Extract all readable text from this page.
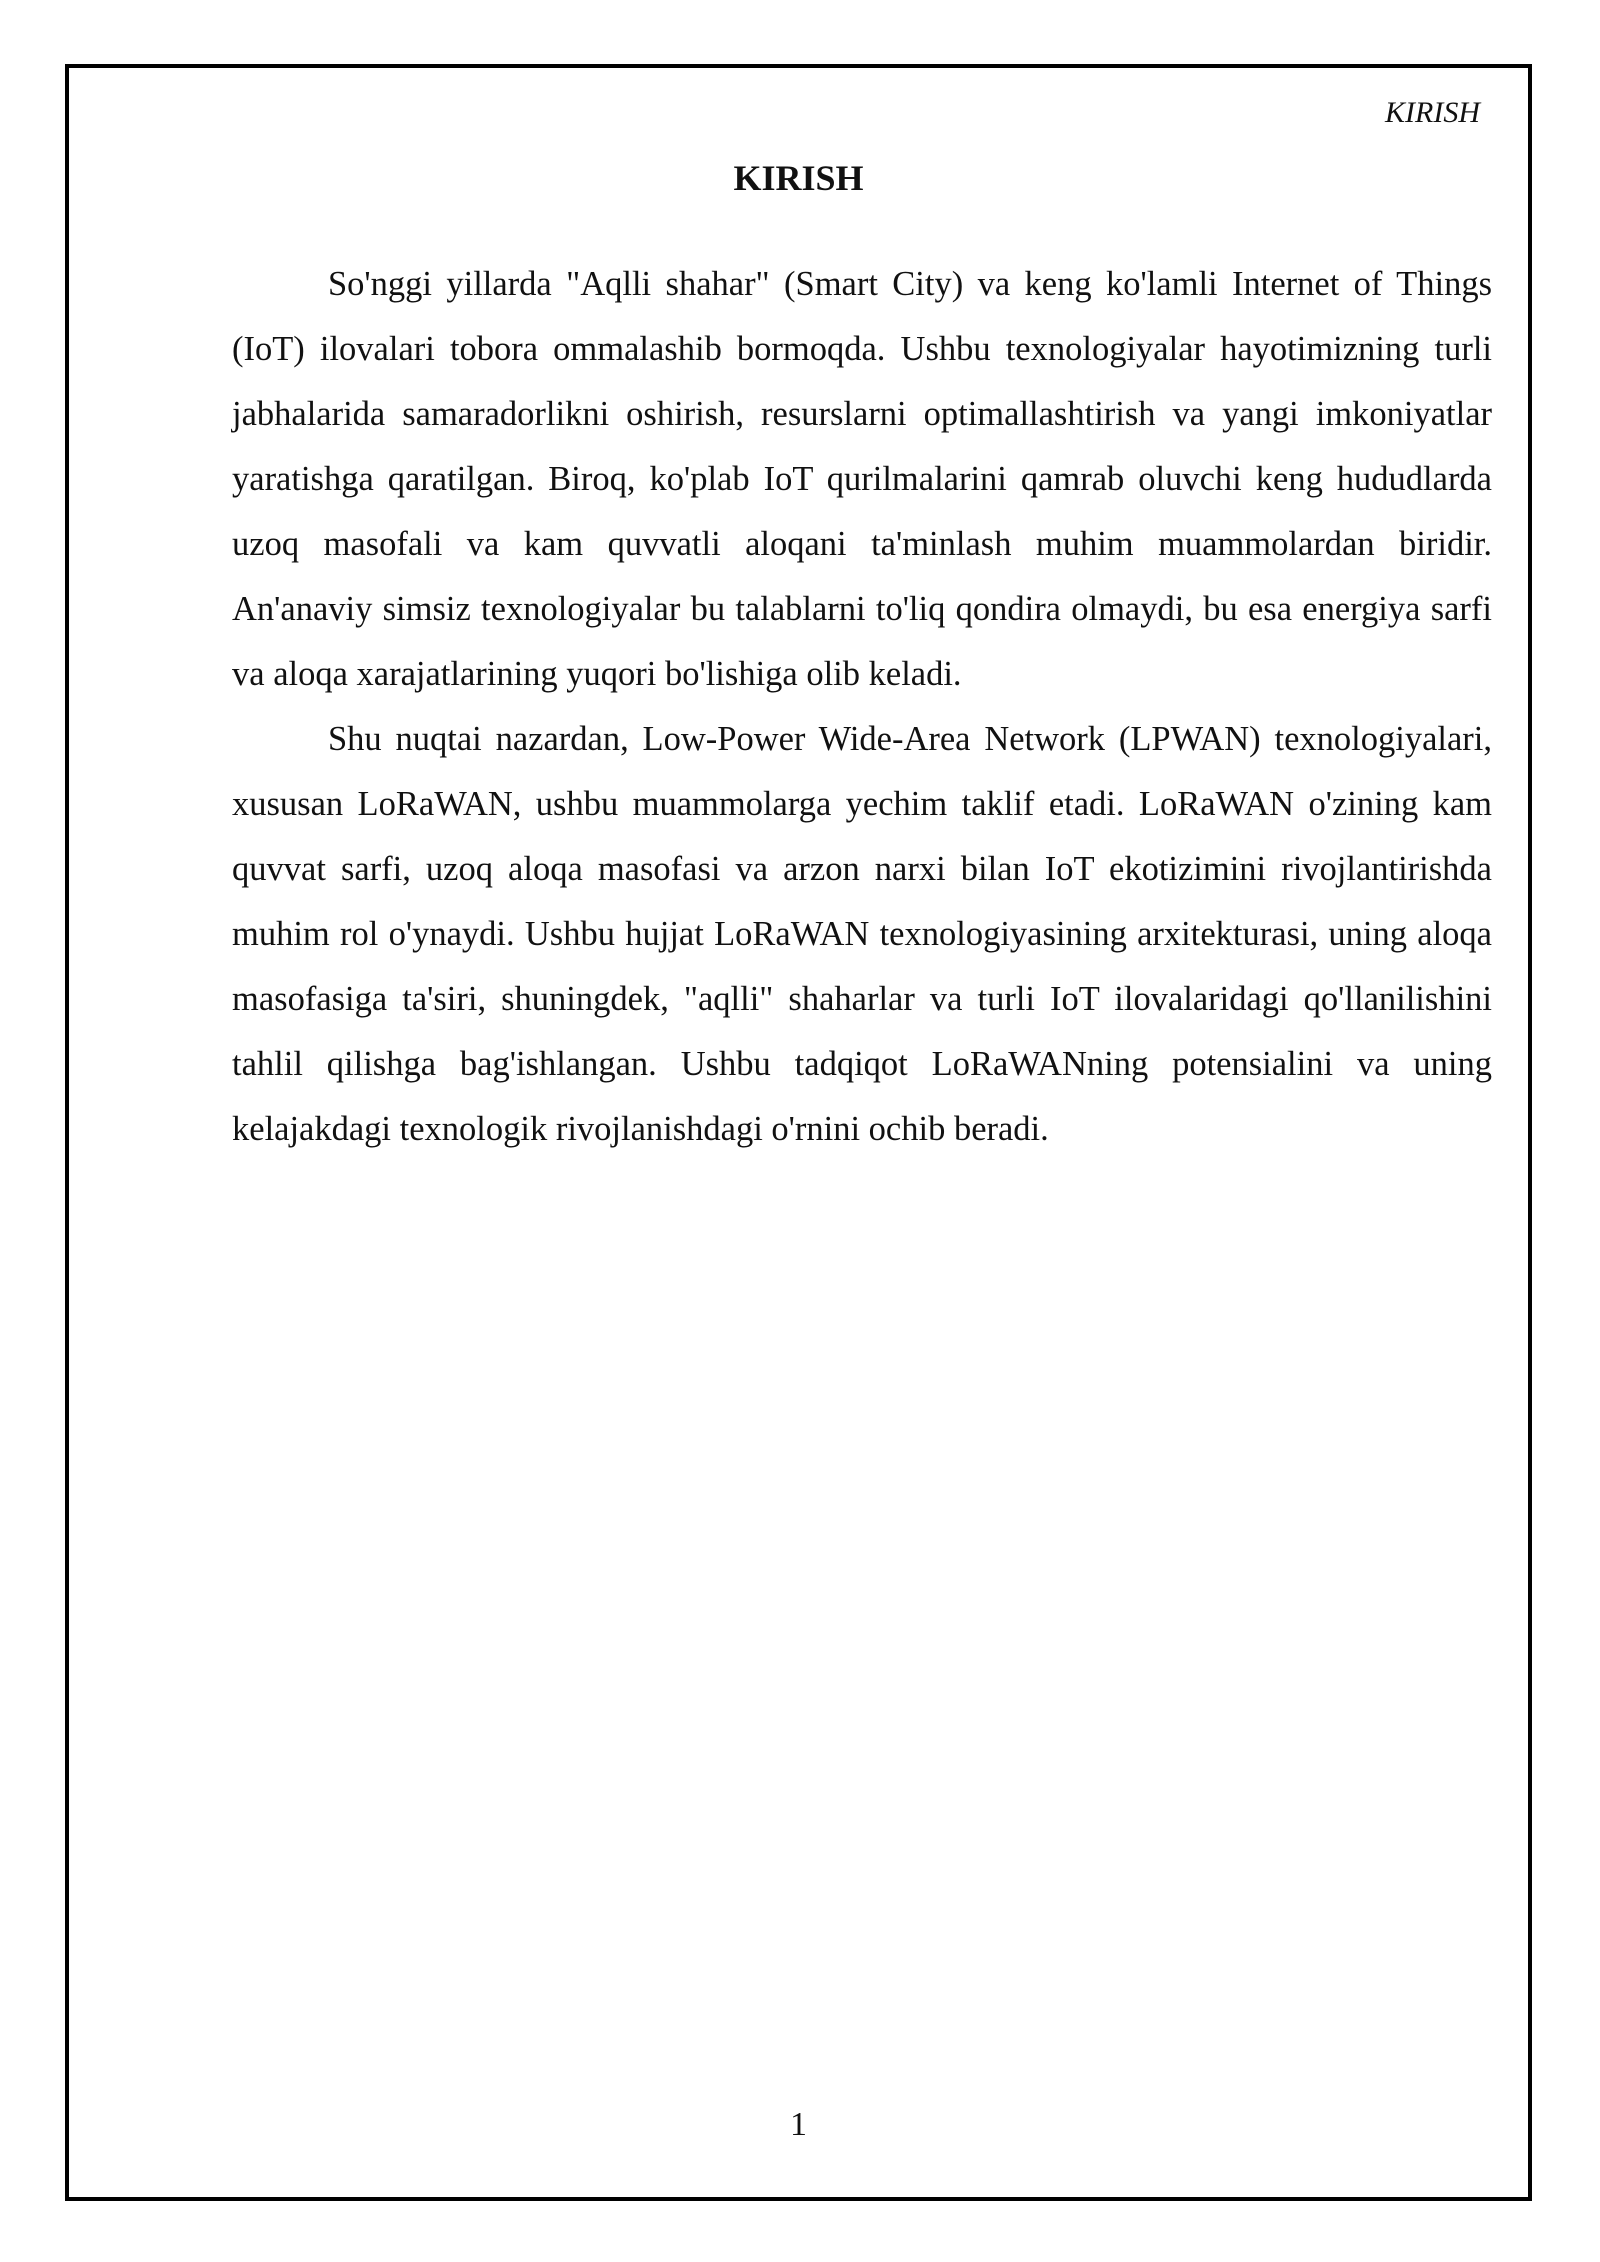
KIRISH
KIRISH

So'nggi yillarda "Aqlli shahar" (Smart City) va keng ko'lamli Internet of Things (IoT) ilovalari tobora ommalashib bormoqda. Ushbu texnologiyalar hayotimizning turli jabhalarida samaradorlikni oshirish, resurslarni optimallashtirish va yangi imkoniyatlar yaratishga qaratilgan. Biroq, ko'plab IoT qurilmalarini qamrab oluvchi keng hududlarda uzoq masofali va kam quvvatli aloqani ta'minlash muhim muammolardan biridir. An'anaviy simsiz texnologiyalar bu talablarni to'liq qondira olmaydi, bu esa energiya sarfi va aloqa xarajatlarining yuqori bo'lishiga olib keladi.

Shu nuqtai nazardan, Low-Power Wide-Area Network (LPWAN) texnologiyalari, xususan LoRaWAN, ushbu muammolarga yechim taklif etadi. LoRaWAN o'zining kam quvvat sarfi, uzoq aloqa masofasi va arzon narxi bilan IoT ekotizimini rivojlantirishda muhim rol o'ynaydi. Ushbu hujjat LoRaWAN texnologiyasining arxitekturasi, uning aloqa masofasiga ta'siri, shuningdek, "aqlli" shaharlar va turli IoT ilovalaridagi qo'llanilishini tahlil qilishga bag'ishlangan. Ushbu tadqiqot LoRaWANning potensialini va uning kelajakdagi texnologik rivojlanishdagi o'rnini ochib beradi.

1
